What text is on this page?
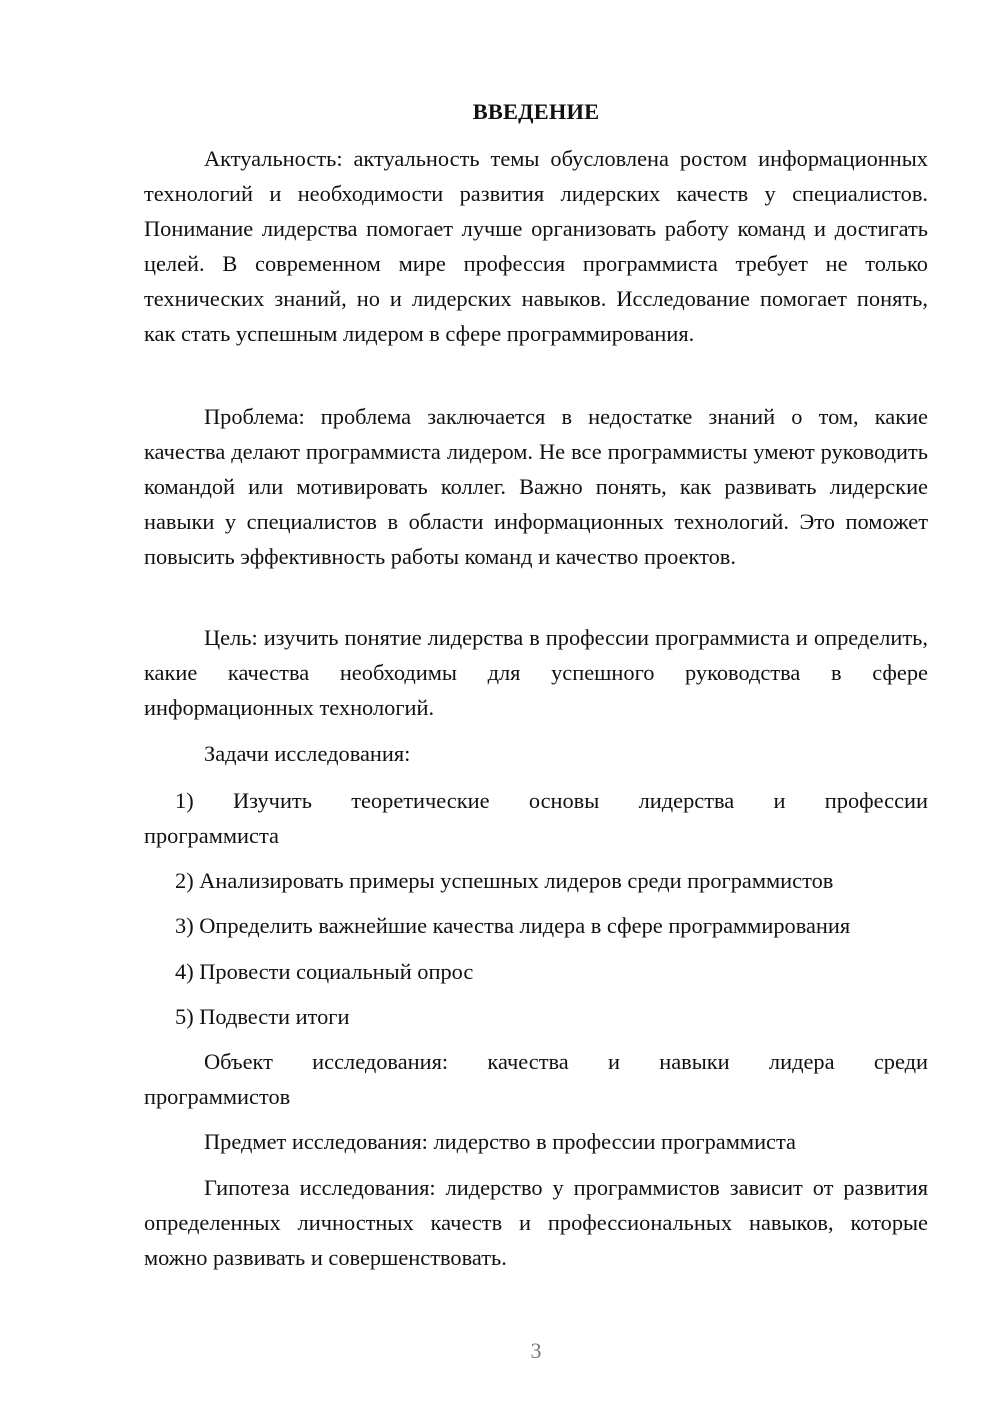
ВВЕДЕНИЕ

Актуальность: актуальность темы обусловлена ростом информационных технологий и необходимости развития лидерских качеств у специалистов. Понимание лидерства помогает лучше организовать работу команд и достигать целей. В современном мире профессия программиста требует не только технических знаний, но и лидерских навыков. Исследование помогает понять, как стать успешным лидером в сфере программирования.

Проблема: проблема заключается в недостатке знаний о том, какие качества делают программиста лидером. Не все программисты умеют руководить командой или мотивировать коллег. Важно понять, как развивать лидерские навыки у специалистов в области информационных технологий. Это поможет повысить эффективность работы команд и качество проектов.

Цель: изучить понятие лидерства в профессии программиста и определить, какие качества необходимы для успешного руководства в сфере информационных технологий.

Задачи исследования:

1) Изучить теоретические основы лидерства и профессии

программиста

2) Анализировать примеры успешных лидеров среди программистов

3) Определить важнейшие качества лидера в сфере программирования

4) Провести социальный опрос

5) Подвести итоги

Объект исследования: качества и навыки лидера среди

программистов

Предмет исследования: лидерство в профессии программиста

Гипотеза исследования: лидерство у программистов зависит от развития определенных личностных качеств и профессиональных навыков, которые можно развивать и совершенствовать.

3
